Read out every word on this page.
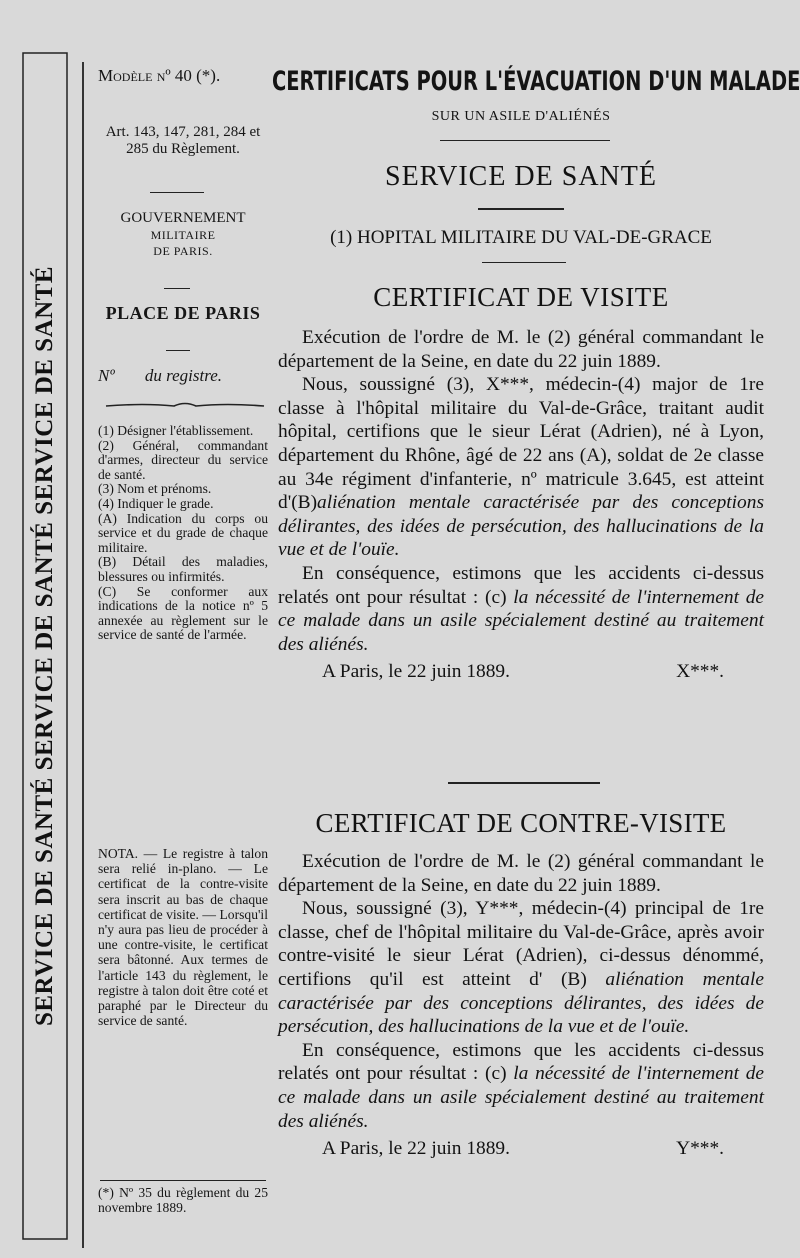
SERVICE DE SANTÉ SERVICE DE SANTÉ SERVICE DE SANTÉ

Modèle nº 40 (*).

Art. 143, 147, 281, 284 et 285 du Règlement.

GOUVERNEMENT

MILITAIRE

DE PARIS.

PLACE DE PARIS

Nº du registre.

(1) Désigner l'établissement.

(2) Général, commandant d'armes, directeur du service de santé.

(3) Nom et prénoms.

(4) Indiquer le grade.

(A) Indication du corps ou service et du grade de chaque militaire.

(B) Détail des maladies, blessures ou infirmités.

(C) Se conformer aux indications de la notice nº 5 annexée au règlement sur le service de santé de l'armée.

NOTA. — Le registre à talon sera relié in-plano. — Le certificat de la contre-visite sera inscrit au bas de chaque certificat de visite. — Lorsqu'il n'y aura pas lieu de procéder à une contre-visite, le certificat sera bâtonné. Aux termes de l'article 143 du règlement, le registre à talon doit être coté et paraphé par le Directeur du service de santé.

(*) Nº 35 du règlement du 25 novembre 1889.

CERTIFICATS POUR L'ÉVACUATION D'UN MALADE

SUR UN ASILE D'ALIÉNÉS

SERVICE DE SANTÉ

(1) HOPITAL MILITAIRE DU VAL-DE-GRACE

CERTIFICAT DE VISITE

Exécution de l'ordre de M. le (2) général commandant le département de la Seine, en date du 22 juin 1889.

Nous, soussigné (3), X***, médecin-(4) major de 1re classe à l'hôpital militaire du Val-de-Grâce, traitant audit hôpital, certifions que le sieur Lérat (Adrien), né à Lyon, département du Rhône, âgé de 22 ans (A), soldat de 2e classe au 34e régiment d'infanterie, nº matricule 3.645, est atteint d'(B)aliénation mentale caractérisée par des conceptions délirantes, des idées de persécution, des hallucinations de la vue et de l'ouïe.

En conséquence, estimons que les accidents ci-dessus relatés ont pour résultat : (c) la nécessité de l'internement de ce malade dans un asile spécialement destiné au traitement des aliénés.

A Paris, le 22 juin 1889.	X***.

CERTIFICAT DE CONTRE-VISITE

Exécution de l'ordre de M. le (2) général commandant le département de la Seine, en date du 22 juin 1889.

Nous, soussigné (3), Y***, médecin-(4) principal de 1re classe, chef de l'hôpital militaire du Val-de-Grâce, après avoir contre-visité le sieur Lérat (Adrien), ci-dessus dénommé, certifions qu'il est atteint d' (B) aliénation mentale caractérisée par des conceptions délirantes, des idées de persécution, des hallucinations de la vue et de l'ouïe.

En conséquence, estimons que les accidents ci-dessus relatés ont pour résultat : (c) la nécessité de l'internement de ce malade dans un asile spécialement destiné au traitement des aliénés.

A Paris, le 22 juin 1889.	Y***.
